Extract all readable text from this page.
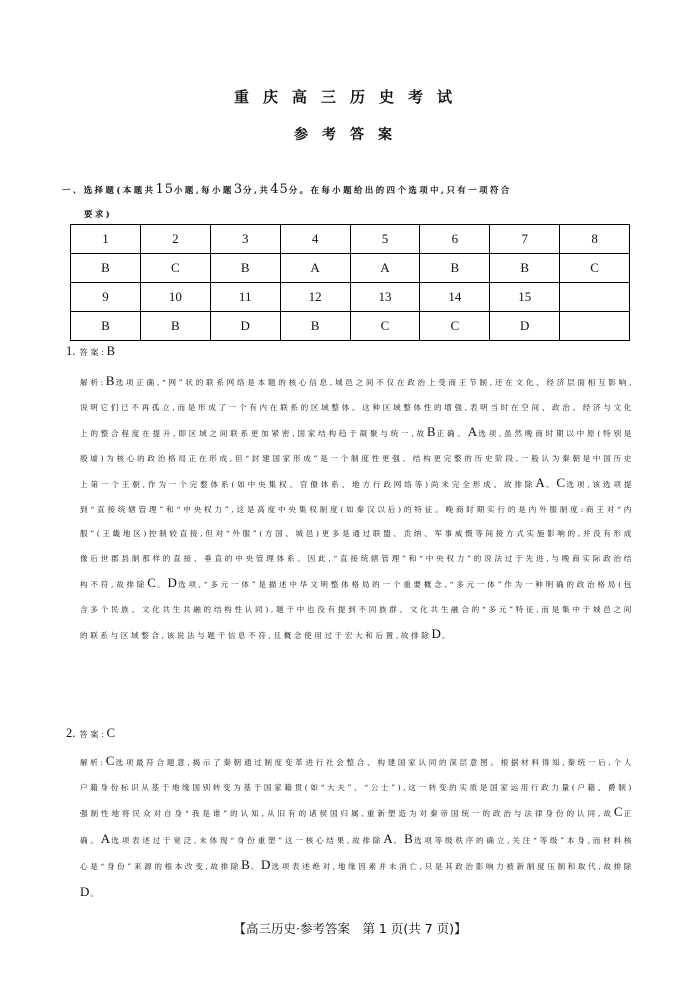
重庆高三历史考试
参考答案
一、选择题(本题共15小题,每小题3分,共45分。在每小题给出的四个选项中,只有一项符合
要求)
1	2	3	4	5	6	7	8
B	C	B	A	A	B	B	C
9	10	11	12	13	14	15	
B	B	D	B	C	C	D	
1. 答案:B
解析:B选项正确,“网”状的联系网络是本题的核心信息,城邑之间不仅在政治上受商王节制,还在文化、经济层面相互影响,说明它们已不再孤立,而是形成了一个有内在联系的区域整体。这种区域整体性的增强,表明当时在空间、政治、经济与文化上的整合程度在提升,即区域之间联系更加紧密,国家结构趋于凝聚与统一,故B正确。A选项,虽然晚商时期以中原(特别是殷墟)为核心的政治格局正在形成,但“封建国家形成”是一个制度性更强、结构更完整的历史阶段,一般认为秦朝是中国历史上第一个王朝,作为一个完整体系(如中央集权、官僚体系、地方行政网络等)尚未完全形成。故排除A。C选项,该选项提到“直接统辖管理”和“中央权力”,这是高度中央集权制度(如秦汉以后)的特征。晚商时期实行的是内外服制度:商王对“内服”(王畿地区)控制较直接,但对“外服”(方国、城邑)更多是通过联盟、贡纳、军事威慑等间接方式实施影响的,并没有形成像后世郡县制那样的直接、垂直的中央管理体系。因此,“直接统辖管理”和“中央权力”的说法过于先进,与晚商实际政治结构不符,故排除C。D选项,“多元一体”是描述中华文明整体格局的一个重要概念,“多元一体”作为一种明确的政治格局(包含多个民族、文化共生共融的结构性认同),题干中也没有提到不同族群、文化共生融合的“多元”特征,而是集中于城邑之间的联系与区域整合,该说法与题干信息不符,且概念使用过于宏大和后置,故排除D。
2. 答案:C
解析:C选项最符合题意,揭示了秦朝通过制度变革进行社会整合、构建国家认同的深层意图。根据材料得知,秦统一后,个人户籍身份标识从基于地缘国别转变为基于国家籍贯(如“大夫”、“公士”),这一转变的实质是国家运用行政力量(户籍、爵制)强制性地将民众对自身“我是谁”的认知,从旧有的诸侯国归属,重新塑造为对秦帝国统一的政治与法律身份的认同,故C正确。A选项表述过于宽泛,未体现“身份重塑”这一核心结果,故排除A。B选项等级秩序的确立,关注“等级”本身,而材料核心是“身份”来源的根本改变,故排除B。D选项表述绝对,地缘因素并未消亡,只是其政治影响力被新制度压制和取代,故排除D。
【高三历史·参考答案　第 1 页(共 7 页)】
